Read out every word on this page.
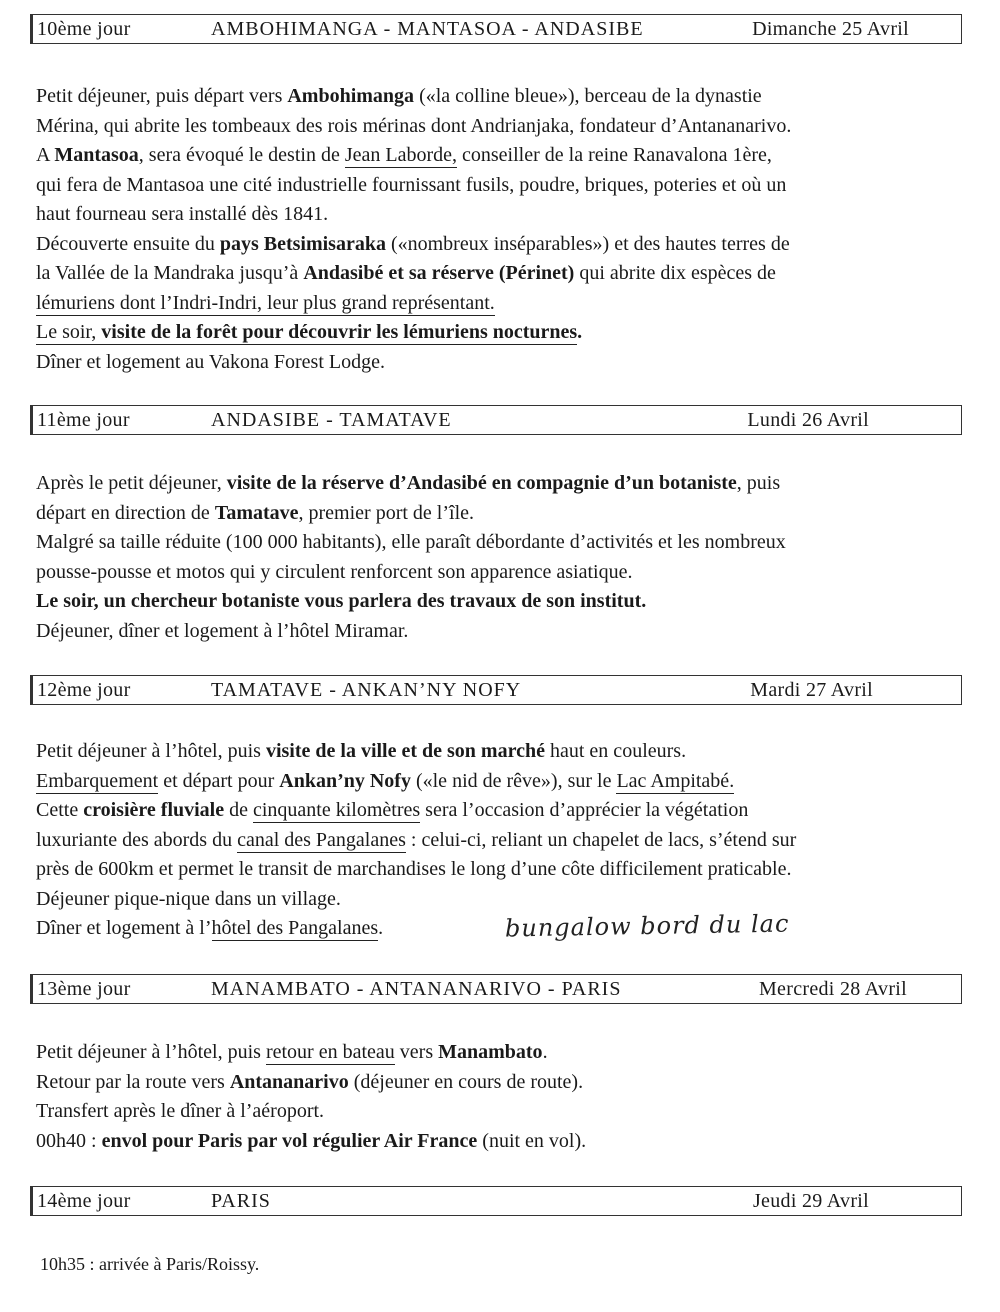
10ème jour	AMBOHIMANGA - MANTASOA - ANDASIBE	Dimanche 25 Avril

Petit déjeuner, puis départ vers Ambohimanga («la colline bleue»), berceau de la dynastie

Mérina, qui abrite les tombeaux des rois mérinas dont Andrianjaka, fondateur d’Antananarivo.

A Mantasoa, sera évoqué le destin de Jean Laborde, conseiller de la reine Ranavalona 1ère,

qui fera de Mantasoa une cité industrielle fournissant fusils, poudre, briques, poteries et où un

haut fourneau sera installé dès 1841.

Découverte ensuite du pays Betsimisaraka («nombreux inséparables») et des hautes terres de

la Vallée de la Mandraka jusqu’à Andasibé et sa réserve (Périnet) qui abrite dix espèces de

lémuriens dont l’Indri-Indri, leur plus grand représentant.

Le soir, visite de la forêt pour découvrir les lémuriens nocturnes.

Dîner et logement au Vakona Forest Lodge.

11ème jour	ANDASIBE - TAMATAVE	Lundi 26 Avril

Après le petit déjeuner, visite de la réserve d’Andasibé en compagnie d’un botaniste, puis

départ en direction de Tamatave, premier port de l’île.

Malgré sa taille réduite (100 000 habitants), elle paraît débordante d’activités et les nombreux

pousse-pousse et motos qui y circulent renforcent son apparence asiatique.

Le soir, un chercheur botaniste vous parlera des travaux de son institut.

Déjeuner, dîner et logement à l’hôtel Miramar.

12ème jour	TAMATAVE - ANKAN’NY NOFY	Mardi 27 Avril

Petit déjeuner à l’hôtel, puis visite de la ville et de son marché haut en couleurs.

Embarquement et départ pour Ankan’ny Nofy («le nid de rêve»), sur le Lac Ampitabé.

Cette croisière fluviale de cinquante kilomètres sera l’occasion d’apprécier la végétation

luxuriante des abords du canal des Pangalanes : celui-ci, reliant un chapelet de lacs, s’étend sur

près de 600km et permet le transit de marchandises le long d’une côte difficilement praticable.

Déjeuner pique-nique dans un village.

Dîner et logement à l’hôtel des Pangalanes.	bungalow bord du lac
13ème jour	MANAMBATO - ANTANANARIVO - PARIS	Mercredi 28 Avril

Petit déjeuner à l’hôtel, puis retour en bateau vers Manambato.

Retour par la route vers Antananarivo (déjeuner en cours de route).

Transfert après le dîner à l’aéroport.

00h40 : envol pour Paris par vol régulier Air France (nuit en vol).

14ème jour	PARIS	Jeudi 29 Avril

10h35 : arrivée à Paris/Roissy.
